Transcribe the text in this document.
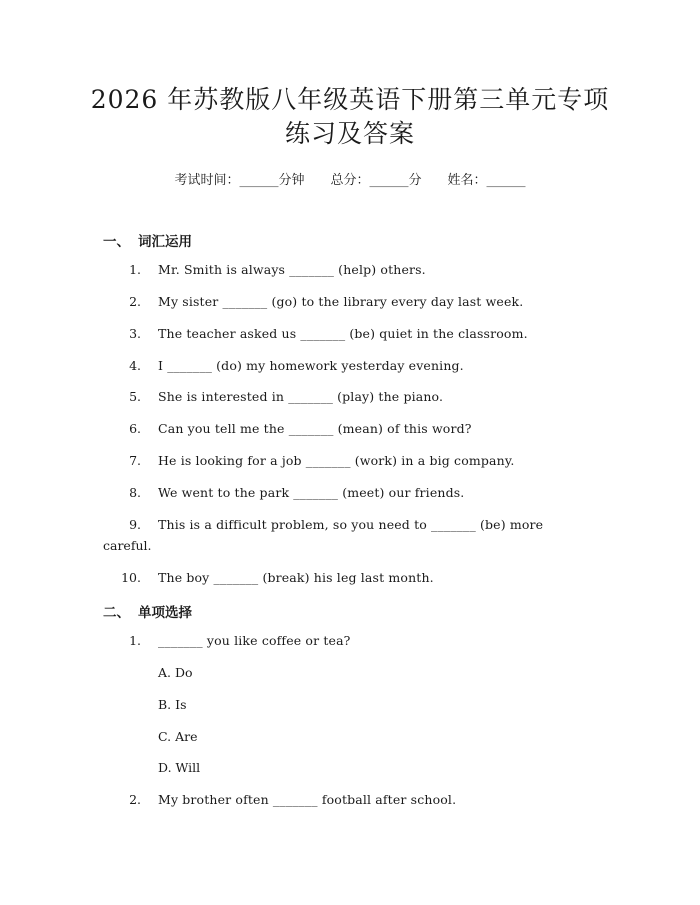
2026 年苏教版八年级英语下册第三单元专项
练习及答案
考试时间：______分钟 总分：______分 姓名：______
一、 词汇运用
1. Mr. Smith is always _______ (help) others.
2. My sister _______ (go) to the library every day last week.
3. The teacher asked us _______ (be) quiet in the classroom.
4. I _______ (do) my homework yesterday evening.
5. She is interested in _______ (play) the piano.
6. Can you tell me the _______ (mean) of this word?
7. He is looking for a job _______ (work) in a big company.
8. We went to the park _______ (meet) our friends.
9. This is a difficult problem, so you need to _______ (be) more
careful.
10. The boy _______ (break) his leg last month.
二、 单项选择
1. _______ you like coffee or tea?
A. Do
B. Is
C. Are
D. Will
2. My brother often _______ football after school.
